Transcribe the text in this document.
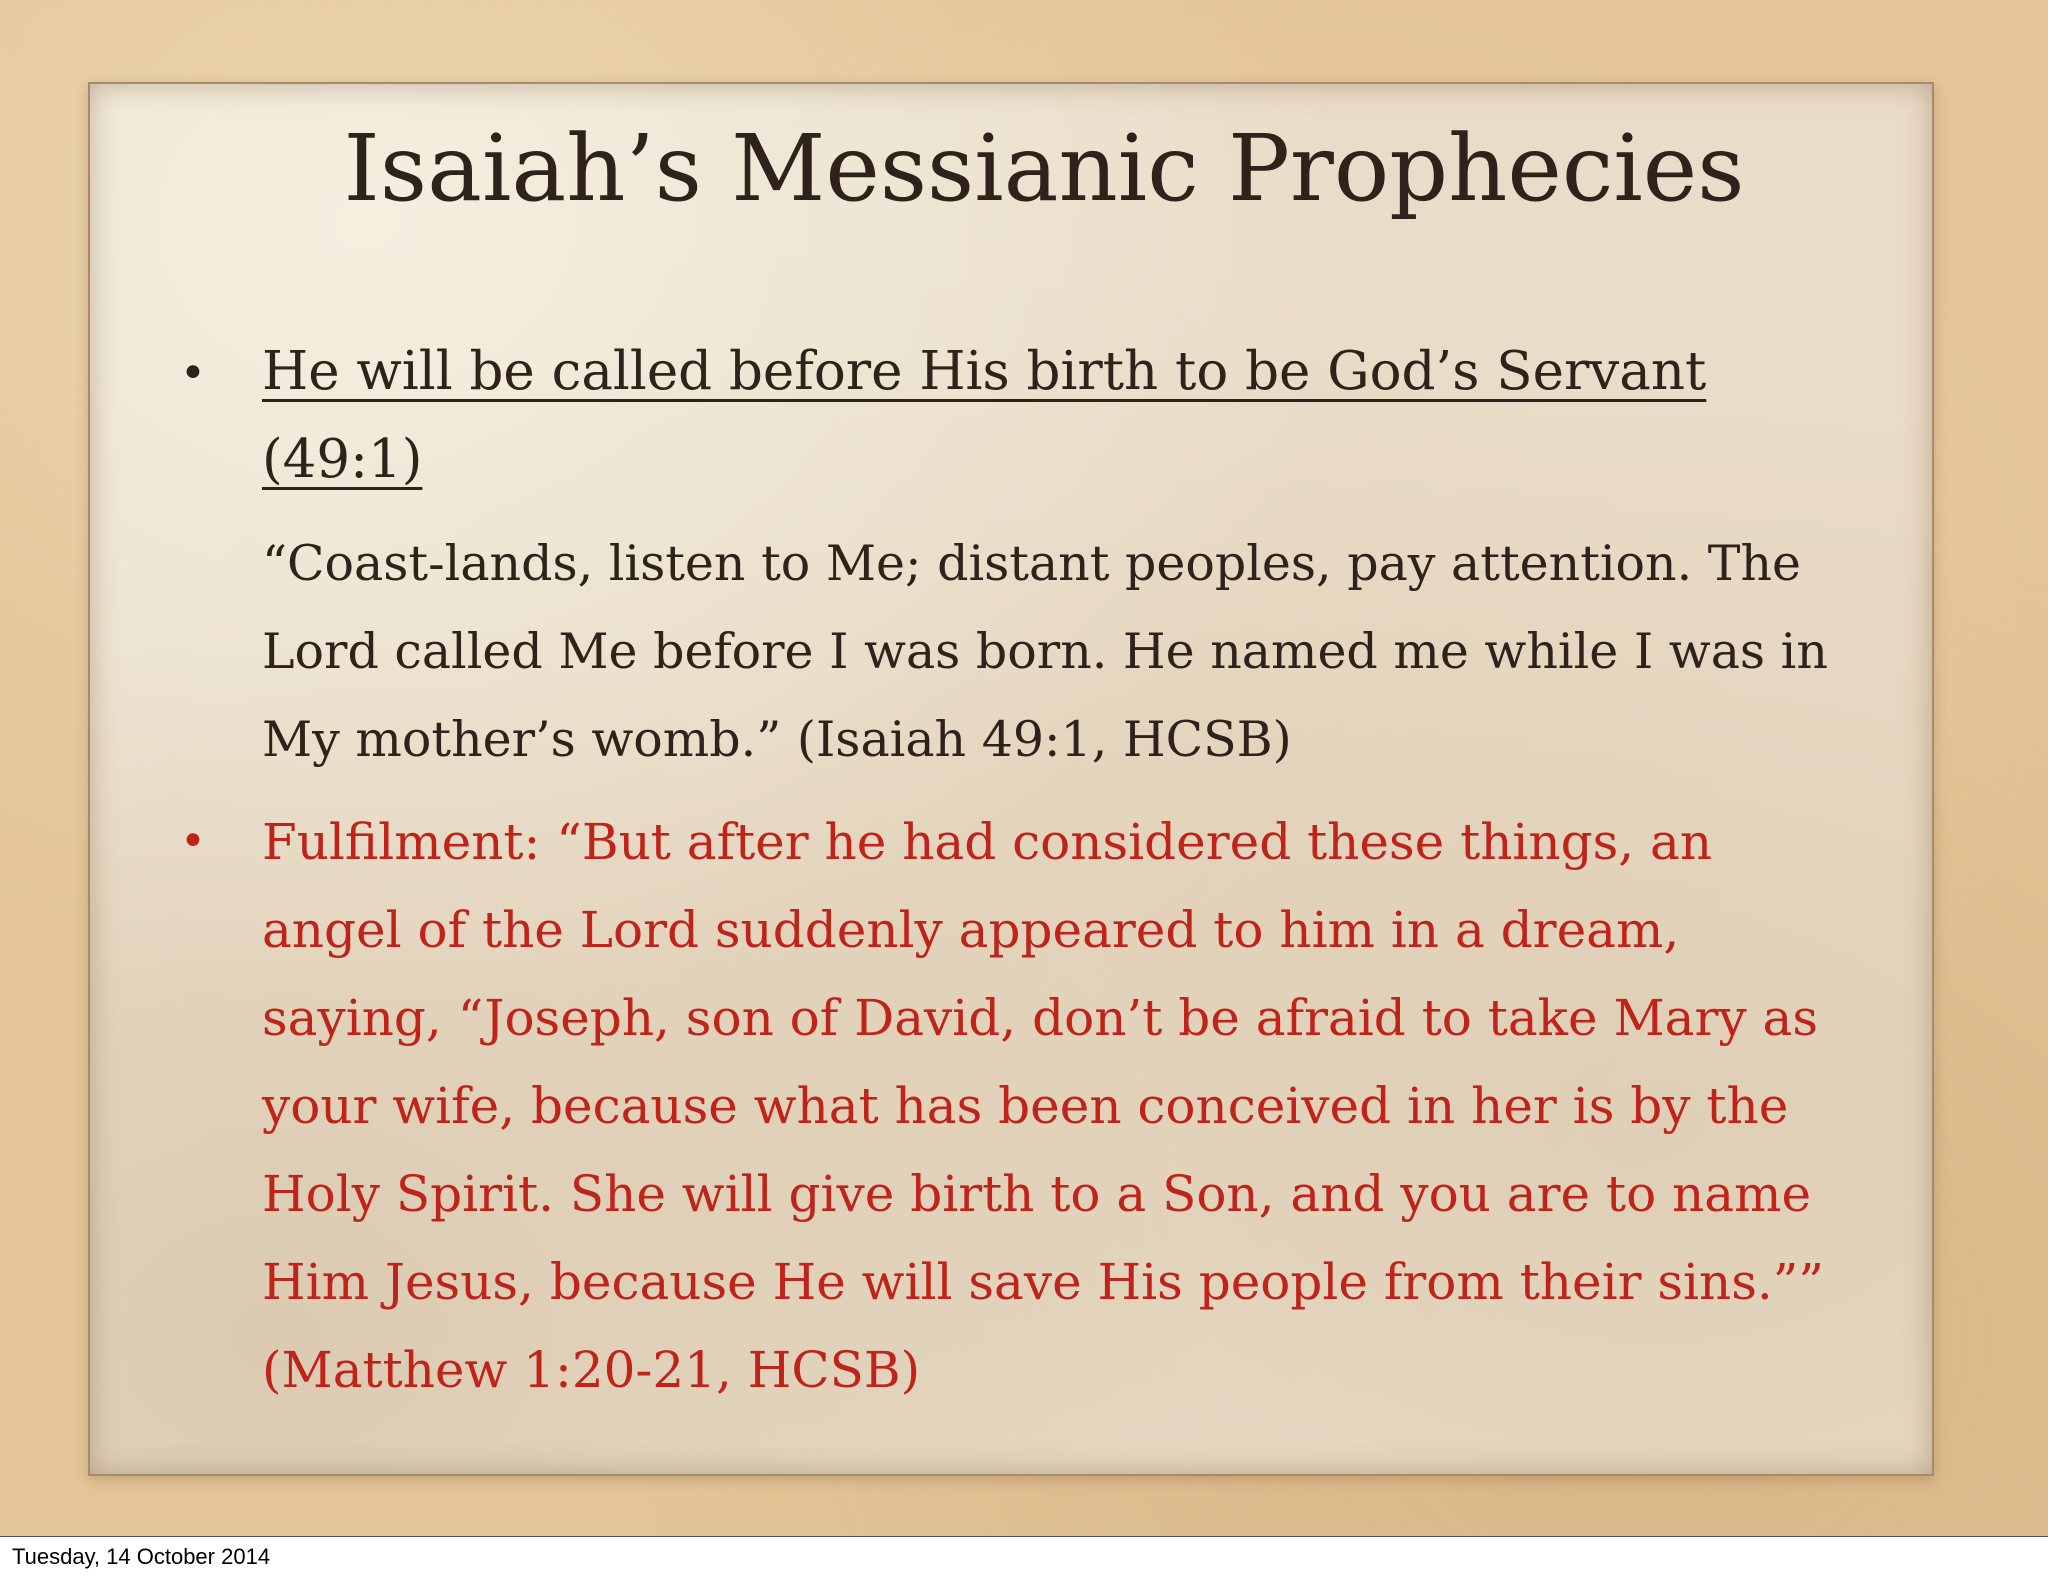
Isaiah’s Messianic Prophecies
• He will be called before His birth to be God’s Servant (49:1)
“Coast-lands, listen to Me; distant peoples, pay attention. The Lord called Me before I was born. He named me while I was in My mother’s womb.” (Isaiah 49:1, HCSB)
• Fulfilment: “But after he had considered these things, an angel of the Lord suddenly appeared to him in a dream, saying, “Joseph, son of David, don’t be afraid to take Mary as your wife, because what has been conceived in her is by the Holy Spirit. She will give birth to a Son, and you are to name Him Jesus, because He will save His people from their sins.”” (Matthew 1:20-21, HCSB)
Tuesday, 14 October 2014
